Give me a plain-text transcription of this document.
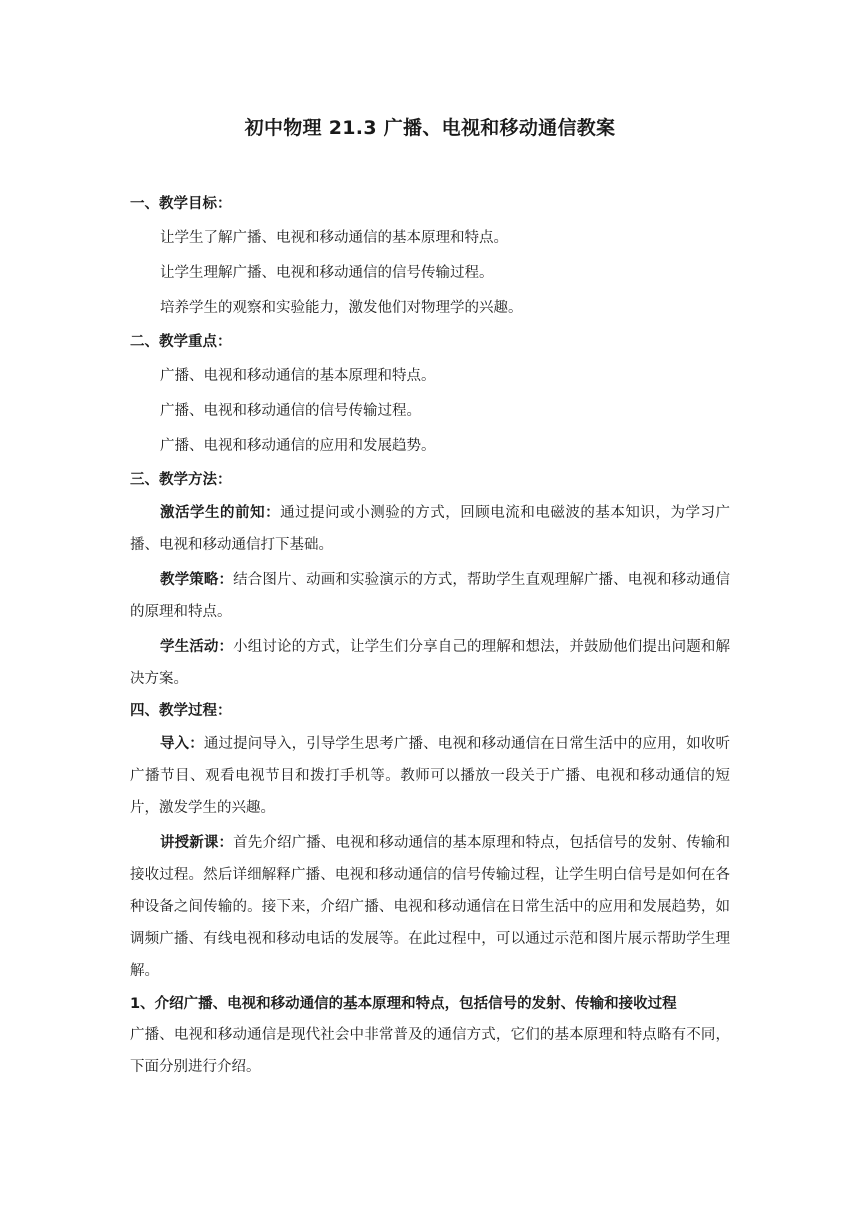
初中物理 21.3 广播、电视和移动通信教案

一、教学目标：

让学生了解广播、电视和移动通信的基本原理和特点。

让学生理解广播、电视和移动通信的信号传输过程。

培养学生的观察和实验能力，激发他们对物理学的兴趣。

二、教学重点：

广播、电视和移动通信的基本原理和特点。

广播、电视和移动通信的信号传输过程。

广播、电视和移动通信的应用和发展趋势。

三、教学方法：

激活学生的前知：通过提问或小测验的方式，回顾电流和电磁波的基本知识，为学习广播、电视和移动通信打下基础。

教学策略：结合图片、动画和实验演示的方式，帮助学生直观理解广播、电视和移动通信的原理和特点。

学生活动：小组讨论的方式，让学生们分享自己的理解和想法，并鼓励他们提出问题和解决方案。

四、教学过程：

导入：通过提问导入，引导学生思考广播、电视和移动通信在日常生活中的应用，如收听广播节目、观看电视节目和拨打手机等。教师可以播放一段关于广播、电视和移动通信的短片，激发学生的兴趣。

讲授新课：首先介绍广播、电视和移动通信的基本原理和特点，包括信号的发射、传输和接收过程。然后详细解释广播、电视和移动通信的信号传输过程，让学生明白信号是如何在各种设备之间传输的。接下来，介绍广播、电视和移动通信在日常生活中的应用和发展趋势，如调频广播、有线电视和移动电话的发展等。在此过程中，可以通过示范和图片展示帮助学生理解。

1、介绍广播、电视和移动通信的基本原理和特点，包括信号的发射、传输和接收过程

广播、电视和移动通信是现代社会中非常普及的通信方式，它们的基本原理和特点略有不同，下面分别进行介绍。
